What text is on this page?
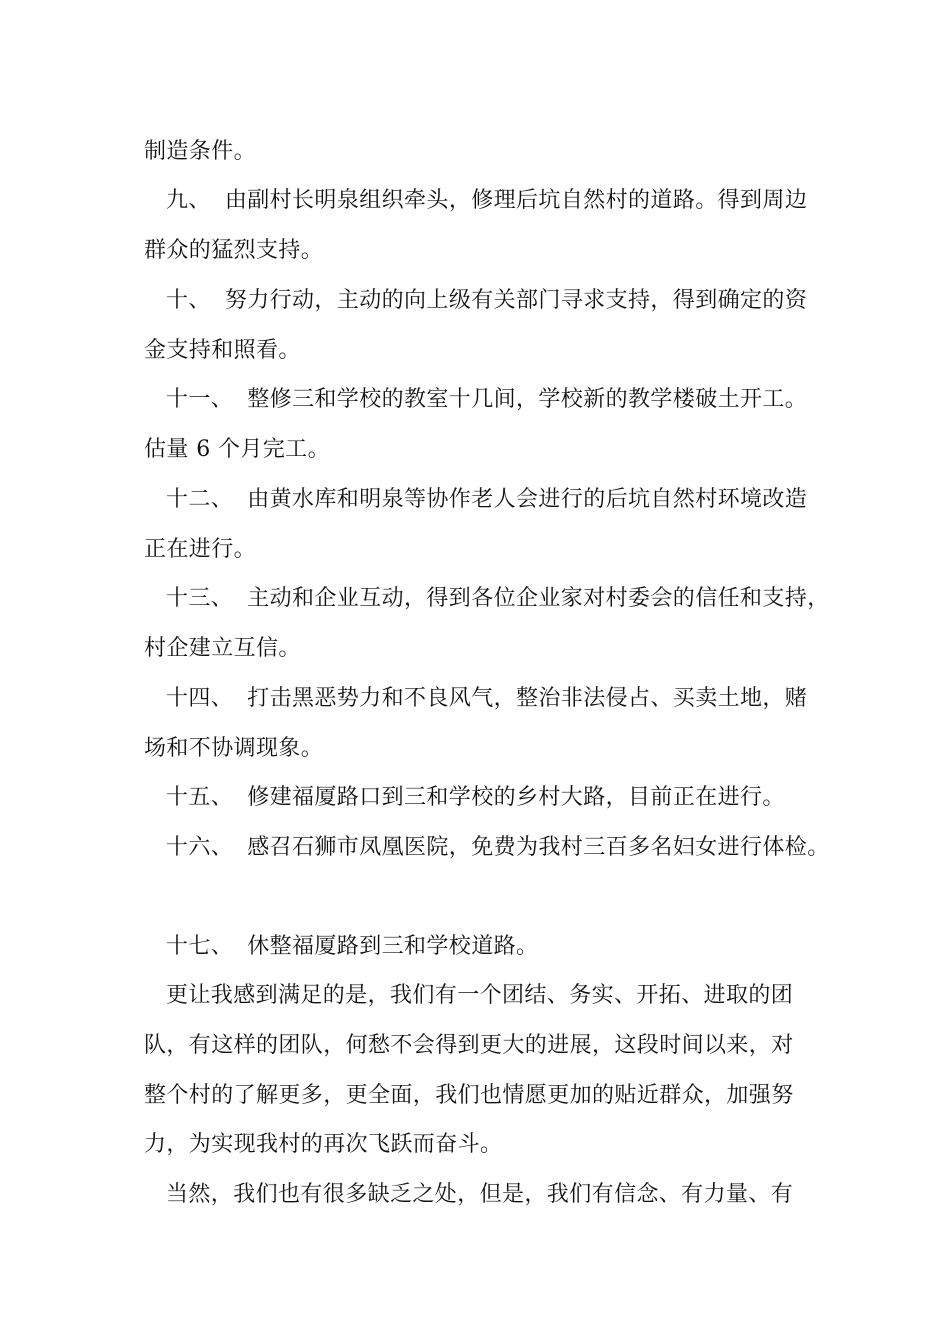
制造条件。
九、 由副村长明泉组织牵头，修理后坑自然村的道路。得到周边
群众的猛烈支持。
十、 努力行动，主动的向上级有关部门寻求支持，得到确定的资
金支持和照看。
十一、 整修三和学校的教室十几间，学校新的教学楼破土开工。
估量 6 个月完工。
十二、 由黄水库和明泉等协作老人会进行的后坑自然村环境改造
正在进行。
十三、 主动和企业互动，得到各位企业家对村委会的信任和支持，
村企建立互信。
十四、 打击黑恶势力和不良风气，整治非法侵占、买卖土地，赌
场和不协调现象。
十五、 修建福厦路口到三和学校的乡村大路，目前正在进行。
十六、 感召石狮市凤凰医院，免费为我村三百多名妇女进行体检。
十七、 休整福厦路到三和学校道路。
更让我感到满足的是，我们有一个团结、务实、开拓、进取的团
队，有这样的团队，何愁不会得到更大的进展，这段时间以来，对
整个村的了解更多，更全面，我们也情愿更加的贴近群众，加强努
力，为实现我村的再次飞跃而奋斗。
当然，我们也有很多缺乏之处，但是，我们有信念、有力量、有
